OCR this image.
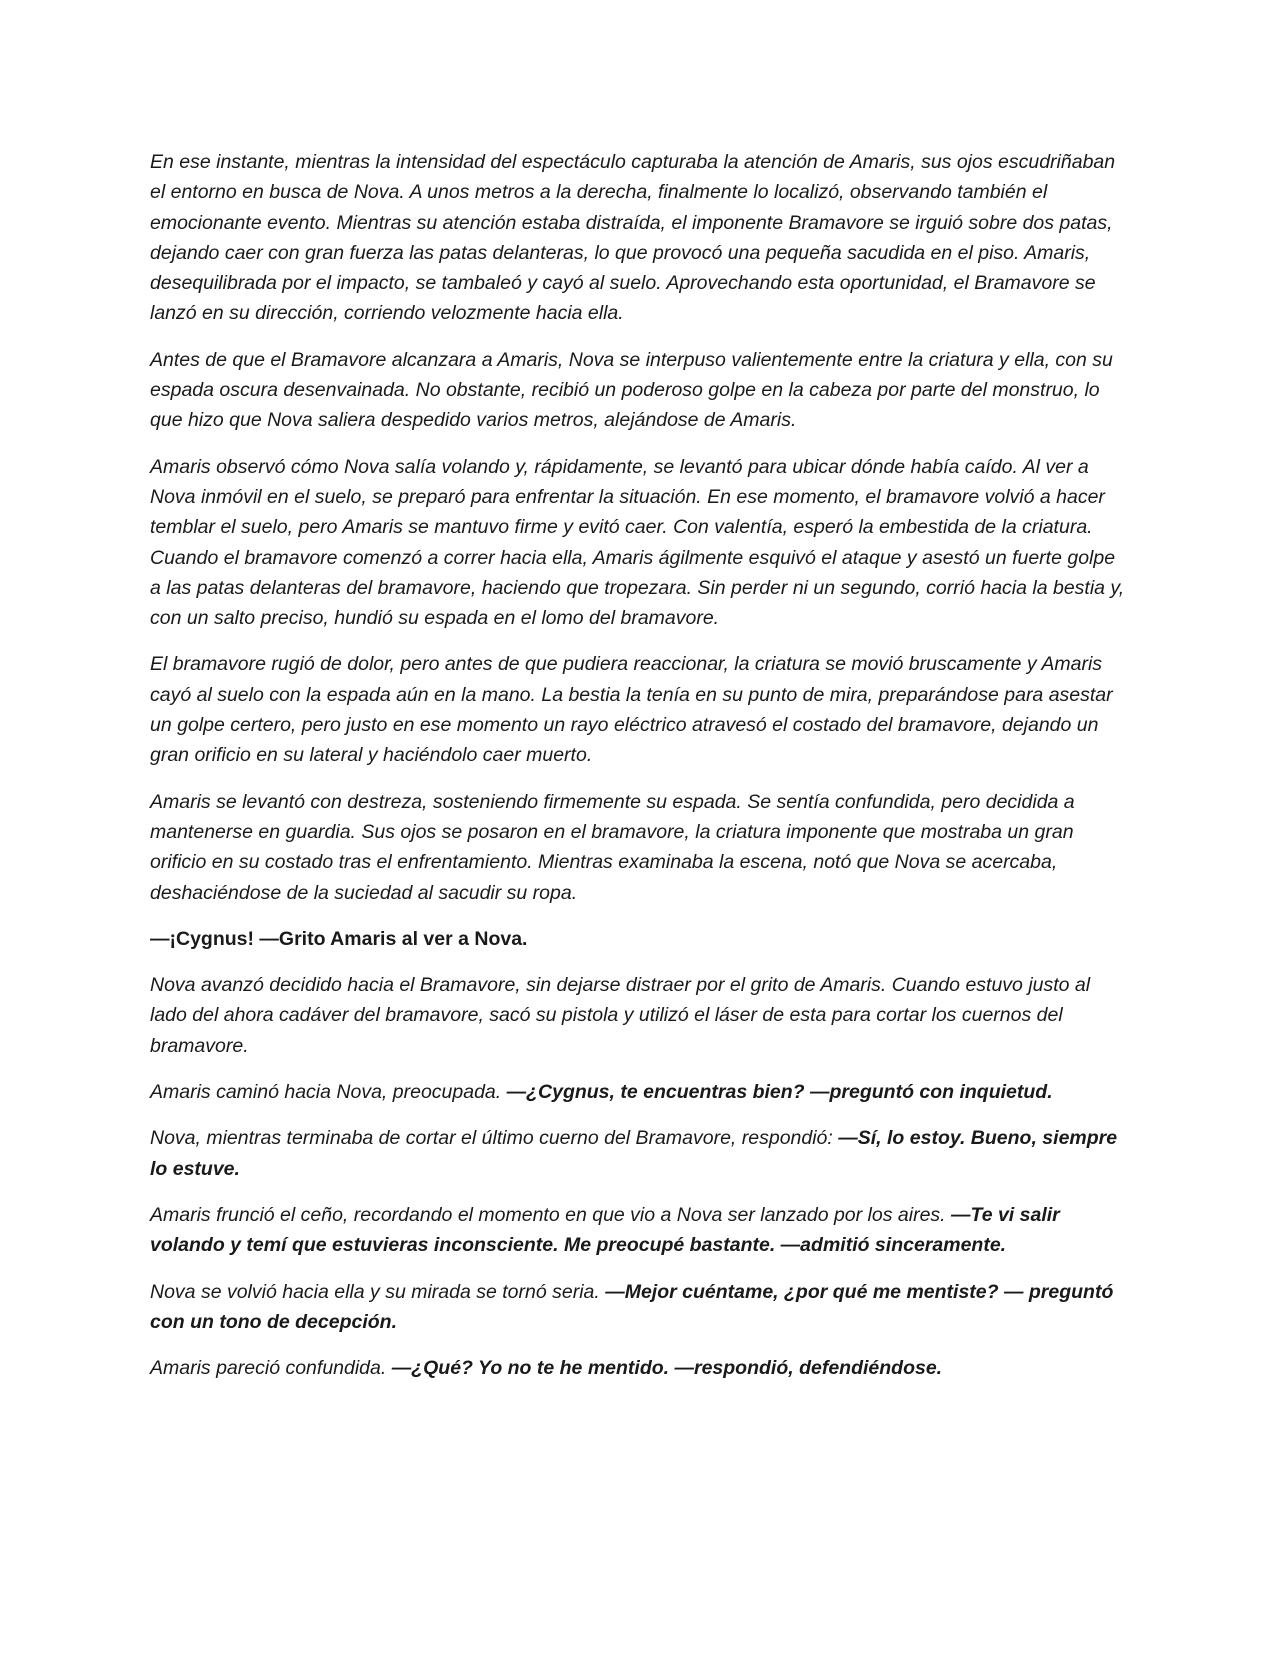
En ese instante, mientras la intensidad del espectáculo capturaba la atención de Amaris, sus ojos escudriñaban el entorno en busca de Nova. A unos metros a la derecha, finalmente lo localizó, observando también el emocionante evento. Mientras su atención estaba distraída, el imponente Bramavore se irguió sobre dos patas, dejando caer con gran fuerza las patas delanteras, lo que provocó una pequeña sacudida en el piso. Amaris, desequilibrada por el impacto, se tambaleó y cayó al suelo. Aprovechando esta oportunidad, el Bramavore se lanzó en su dirección, corriendo velozmente hacia ella.

Antes de que el Bramavore alcanzara a Amaris, Nova se interpuso valientemente entre la criatura y ella, con su espada oscura desenvainada. No obstante, recibió un poderoso golpe en la cabeza por parte del monstruo, lo que hizo que Nova saliera despedido varios metros, alejándose de Amaris.

Amaris observó cómo Nova salía volando y, rápidamente, se levantó para ubicar dónde había caído. Al ver a Nova inmóvil en el suelo, se preparó para enfrentar la situación. En ese momento, el bramavore volvió a hacer temblar el suelo, pero Amaris se mantuvo firme y evitó caer. Con valentía, esperó la embestida de la criatura. Cuando el bramavore comenzó a correr hacia ella, Amaris ágilmente esquivó el ataque y asestó un fuerte golpe a las patas delanteras del bramavore, haciendo que tropezara. Sin perder ni un segundo, corrió hacia la bestia y, con un salto preciso, hundió su espada en el lomo del bramavore.

El bramavore rugió de dolor, pero antes de que pudiera reaccionar, la criatura se movió bruscamente y Amaris cayó al suelo con la espada aún en la mano. La bestia la tenía en su punto de mira, preparándose para asestar un golpe certero, pero justo en ese momento un rayo eléctrico atravesó el costado del bramavore, dejando un gran orificio en su lateral y haciéndolo caer muerto.

Amaris se levantó con destreza, sosteniendo firmemente su espada. Se sentía confundida, pero decidida a mantenerse en guardia. Sus ojos se posaron en el bramavore, la criatura imponente que mostraba un gran orificio en su costado tras el enfrentamiento. Mientras examinaba la escena, notó que Nova se acercaba, deshaciéndose de la suciedad al sacudir su ropa.

—¡Cygnus! —Grito Amaris al ver a Nova.

Nova avanzó decidido hacia el Bramavore, sin dejarse distraer por el grito de Amaris. Cuando estuvo justo al lado del ahora cadáver del bramavore, sacó su pistola y utilizó el láser de esta para cortar los cuernos del bramavore.

Amaris caminó hacia Nova, preocupada. —¿Cygnus, te encuentras bien? —preguntó con inquietud.

Nova, mientras terminaba de cortar el último cuerno del Bramavore, respondió: —Sí, lo estoy. Bueno, siempre lo estuve.

Amaris frunció el ceño, recordando el momento en que vio a Nova ser lanzado por los aires. —Te vi salir volando y temí que estuvieras inconsciente. Me preocupé bastante. —admitió sinceramente.

Nova se volvió hacia ella y su mirada se tornó seria. —Mejor cuéntame, ¿por qué me mentiste? — preguntó con un tono de decepción.

Amaris pareció confundida. —¿Qué? Yo no te he mentido. —respondió, defendiéndose.
